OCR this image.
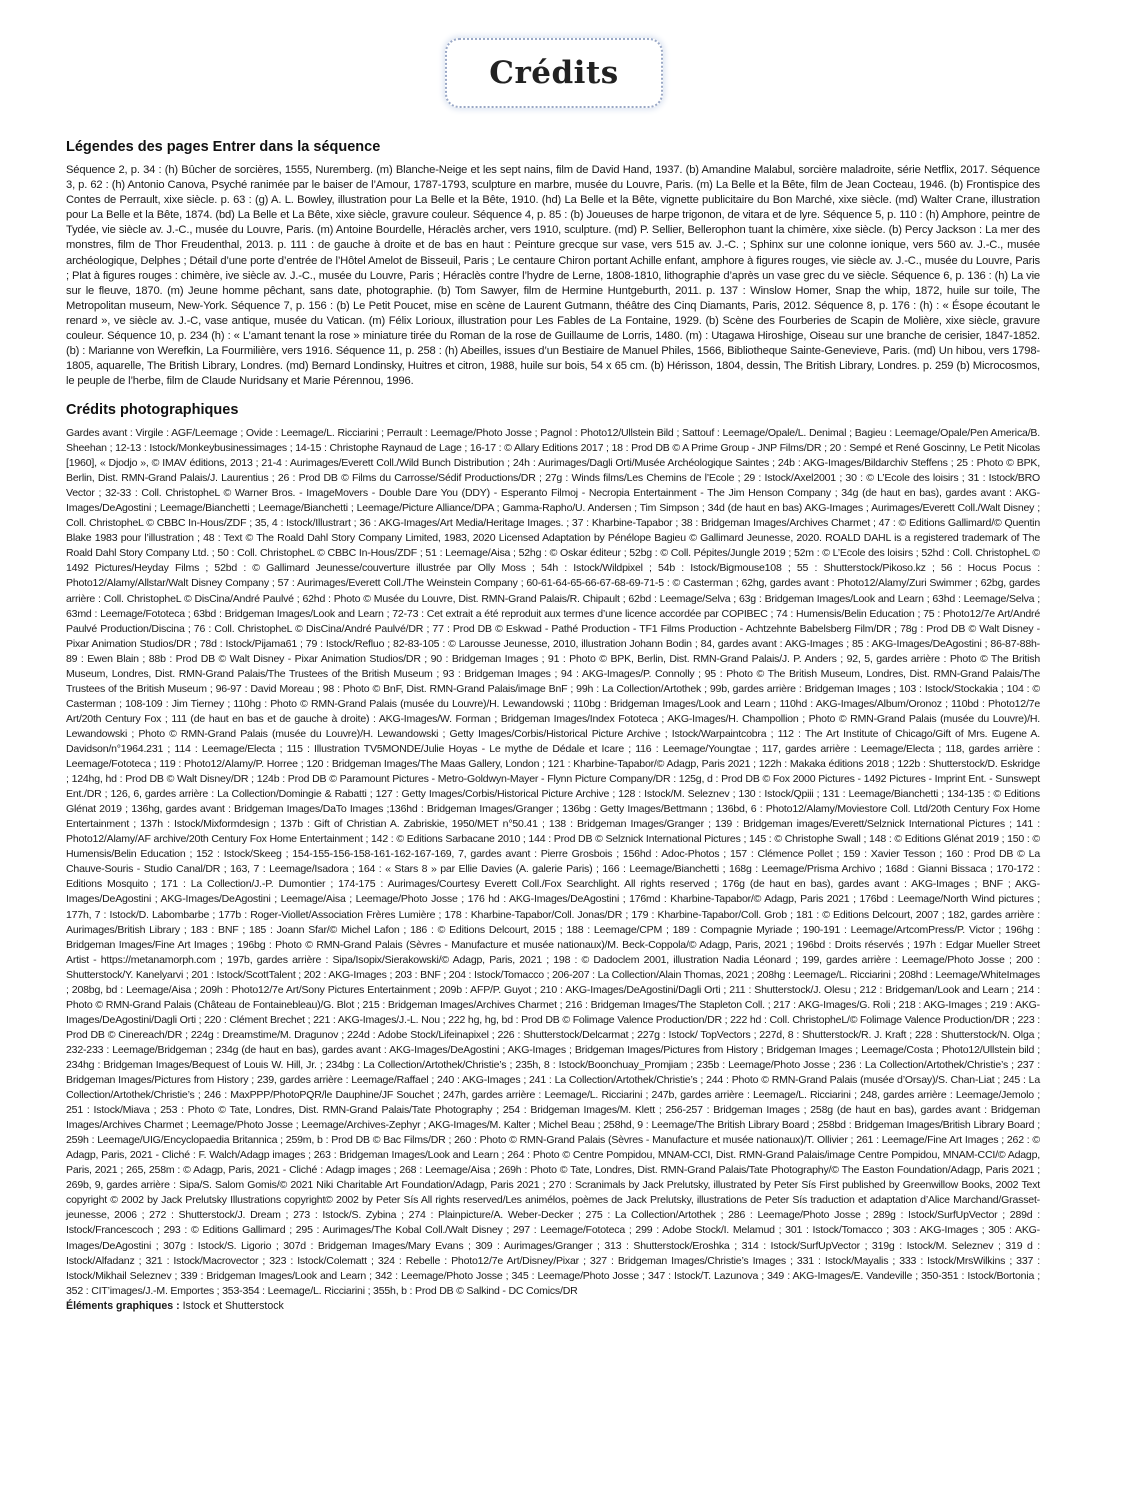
Crédits
Légendes des pages Entrer dans la séquence

Séquence 2, p. 34 : (h) Bûcher de sorcières, 1555, Nuremberg. (m) Blanche-Neige et les sept nains, film de David Hand, 1937. (b) Amandine Malabul, sorcière maladroite, série Netflix, 2017. Séquence 3, p. 62 : (h) Antonio Canova, Psyché ranimée par le baiser de l’Amour, 1787-1793, sculpture en marbre, musée du Louvre, Paris. (m) La Belle et la Bête, film de Jean Cocteau, 1946. (b) Frontispice des Contes de Perrault, xixe siècle. p. 63 : (g) A. L. Bowley, illustration pour La Belle et la Bête, 1910. (hd) La Belle et la Bête, vignette publicitaire du Bon Marché, xixe siècle. (md) Walter Crane, illustration pour La Belle et la Bête, 1874. (bd) La Belle et La Bête, xixe siècle, gravure couleur. Séquence 4, p. 85 : (b) Joueuses de harpe trigonon, de vitara et de lyre. Séquence 5, p. 110 : (h) Amphore, peintre de Tydée, vie siècle av. J.-C., musée du Louvre, Paris. (m) Antoine Bourdelle, Héraclès archer, vers 1910, sculpture. (md) P. Sellier, Bellerophon tuant la chimère, xixe siècle. (b) Percy Jackson : La mer des monstres, film de Thor Freudenthal, 2013. p. 111 : de gauche à droite et de bas en haut : Peinture grecque sur vase, vers 515 av. J.-C. ; Sphinx sur une colonne ionique, vers 560 av. J.-C., musée archéologique, Delphes ; Détail d’une porte d’entrée de l’Hôtel Amelot de Bisseuil, Paris ; Le centaure Chiron portant Achille enfant, amphore à figures rouges, vie siècle av. J.-C., musée du Louvre, Paris ; Plat à figures rouges : chimère, ive siècle av. J.-C., musée du Louvre, Paris ; Héraclès contre l’hydre de Lerne, 1808-1810, lithographie d’après un vase grec du ve siècle. Séquence 6, p. 136 : (h) La vie sur le fleuve, 1870. (m) Jeune homme pêchant, sans date, photographie. (b) Tom Sawyer, film de Hermine Huntgeburth, 2011. p. 137 : Winslow Homer, Snap the whip, 1872, huile sur toile, The Metropolitan museum, New-York. Séquence 7, p. 156 : (b) Le Petit Poucet, mise en scène de Laurent Gutmann, théâtre des Cinq Diamants, Paris, 2012. Séquence 8, p. 176 : (h) : « Ésope écoutant le renard », ve siècle av. J.-C, vase antique, musée du Vatican. (m) Félix Lorioux, illustration pour Les Fables de La Fontaine, 1929. (b) Scène des Fourberies de Scapin de Molière, xixe siècle, gravure couleur. Séquence 10, p. 234 (h) : « L’amant tenant la rose » miniature tirée du Roman de la rose de Guillaume de Lorris, 1480. (m) : Utagawa Hiroshige, Oiseau sur une branche de cerisier, 1847-1852. (b) : Marianne von Werefkin, La Fourmilière, vers 1916. Séquence 11, p. 258 : (h) Abeilles, issues d’un Bestiaire de Manuel Philes, 1566, Bibliotheque Sainte-Genevieve, Paris. (md) Un hibou, vers 1798-1805, aquarelle, The British Library, Londres. (md) Bernard Londinsky, Huitres et citron, 1988, huile sur bois, 54 x 65 cm. (b) Hérisson, 1804, dessin, The British Library, Londres. p. 259 (b) Microcosmos, le peuple de l’herbe, film de Claude Nuridsany et Marie Pérennou, 1996.

Crédits photographiques

Gardes avant : Virgile : AGF/Leemage ; Ovide : Leemage/L. Ricciarini ; Perrault : Leemage/Photo Josse ; Pagnol : Photo12/Ullstein Bild ; Sattouf : Leemage/Opale/L. Denimal ; Bagieu : Leemage/Opale/Pen America/B. Sheehan ; 12-13 : Istock/Monkeybusinessimages ; 14-15 : Christophe Raynaud de Lage ; 16-17 : © Allary Editions 2017 ; 18 : Prod DB © A Prime Group - JNP Films/DR ; 20 : Sempé et René Goscinny, Le Petit Nicolas [1960], « Djodjo », © IMAV éditions, 2013 ; 21-4 : Aurimages/Everett Coll./Wild Bunch Distribution ; 24h : Aurimages/Dagli Orti/Musée Archéologique Saintes ; 24b : AKG-Images/Bildarchiv Steffens ; 25 : Photo © BPK, Berlin, Dist. RMN-Grand Palais/J. Laurentius ; 26 : Prod DB © Films du Carrosse/Sédif Productions/DR ; 27g : Winds films/Les Chemins de l’Ecole ; 29 : Istock/Axel2001 ; 30 : © L’Ecole des loisirs ; 31 : Istock/BRO Vector ; 32-33 : Coll. ChristopheL © Warner Bros. - ImageMovers - Double Dare You (DDY) - Esperanto Filmoj - Necropia Entertainment - The Jim Henson Company ; 34g (de haut en bas), gardes avant : AKG-Images/DeAgostini ; Leemage/Bianchetti ; Leemage/Bianchetti ; Leemage/Picture Alliance/DPA ; Gamma-Rapho/U. Andersen ; Tim Simpson ; 34d (de haut en bas) AKG-Images ; Aurimages/Everett Coll./Walt Disney ; Coll. ChristopheL © CBBC In-Hous/ZDF ; 35, 4 : Istock/Illustrart ; 36 : AKG-Images/Art Media/Heritage Images. ; 37 : Kharbine-Tapabor ; 38 : Bridgeman Images/Archives Charmet ; 47 : © Editions Gallimard/© Quentin Blake 1983 pour l’illustration ; 48 : Text © The Roald Dahl Story Company Limited, 1983, 2020 Licensed Adaptation by Pénélope Bagieu © Gallimard Jeunesse, 2020. ROALD DAHL is a registered trademark of The Roald Dahl Story Company Ltd. ; 50 : Coll. ChristopheL © CBBC In-Hous/ZDF ; 51 : Leemage/Aisa ; 52hg : © Oskar éditeur ; 52bg : © Coll. Pépites/Jungle 2019 ; 52m : © L’Ecole des loisirs ; 52hd : Coll. ChristopheL © 1492 Pictures/Heyday Films ; 52bd : © Gallimard Jeunesse/couverture illustrée par Olly Moss ; 54h : Istock/Wildpixel ; 54b : Istock/Bigmouse108 ; 55 : Shutterstock/Pikoso.kz ; 56 : Hocus Pocus : Photo12/Alamy/Allstar/Walt Disney Company ; 57 : Aurimages/Everett Coll./The Weinstein Company ; 60-61-64-65-66-67-68-69-71-5 : © Casterman ; 62hg, gardes avant : Photo12/Alamy/Zuri Swimmer ; 62bg, gardes arrière : Coll. ChristopheL © DisCina/André Paulvé ; 62hd : Photo © Musée du Louvre, Dist. RMN-Grand Palais/R. Chipault ; 62bd : Leemage/Selva ; 63g : Bridgeman Images/Look and Learn ; 63hd : Leemage/Selva ; 63md : Leemage/Fototeca ; 63bd : Bridgeman Images/Look and Learn ; 72-73 : Cet extrait a été reproduit aux termes d’une licence accordée par COPIBEC ; 74 : Humensis/Belin Education ; 75 : Photo12/7e Art/André Paulvé Production/Discina ; 76 : Coll. ChristopheL © DisCina/André Paulvé/DR ; 77 : Prod DB © Eskwad - Pathé Production - TF1 Films Production - Achtzehnte Babelsberg Film/DR ; 78g : Prod DB © Walt Disney - Pixar Animation Studios/DR ; 78d : Istock/Pijama61 ; 79 : Istock/Refluo ; 82-83-105 : © Larousse Jeunesse, 2010, illustration Johann Bodin ; 84, gardes avant : AKG-Images ; 85 : AKG-Images/DeAgostini ; 86-87-88h-89 : Ewen Blain ; 88b : Prod DB © Walt Disney - Pixar Animation Studios/DR ; 90 : Bridgeman Images ; 91 : Photo © BPK, Berlin, Dist. RMN-Grand Palais/J. P. Anders ; 92, 5, gardes arrière : Photo © The British Museum, Londres, Dist. RMN-Grand Palais/The Trustees of the British Museum ; 93 : Bridgeman Images ; 94 : AKG-Images/P. Connolly ; 95 : Photo © The British Museum, Londres, Dist. RMN-Grand Palais/The Trustees of the British Museum ; 96-97 : David Moreau ; 98 : Photo © BnF, Dist. RMN-Grand Palais/image BnF ; 99h : La Collection/Artothek ; 99b, gardes arrière : Bridgeman Images ; 103 : Istock/Stockakia ; 104 : © Casterman ; 108-109 : Jim Tierney ; 110hg : Photo © RMN-Grand Palais (musée du Louvre)/H. Lewandowski ; 110bg : Bridgeman Images/Look and Learn ; 110hd : AKG-Images/Album/Oronoz ; 110bd : Photo12/7e Art/20th Century Fox ; 111 (de haut en bas et de gauche à droite) : AKG-Images/W. Forman ; Bridgeman Images/Index Fototeca ; AKG-Images/H. Champollion ; Photo © RMN-Grand Palais (musée du Louvre)/H. Lewandowski ; Photo © RMN-Grand Palais (musée du Louvre)/H. Lewandowski ; Getty Images/Corbis/Historical Picture Archive ; Istock/Warpaintcobra ; 112 : The Art Institute of Chicago/Gift of Mrs. Eugene A. Davidson/n°1964.231 ; 114 : Leemage/Electa ; 115 : Illustration TV5MONDE/Julie Hoyas - Le mythe de Dédale et Icare ; 116 : Leemage/Youngtae ; 117, gardes arrière : Leemage/Electa ; 118, gardes arrière : Leemage/Fototeca ; 119 : Photo12/Alamy/P. Horree ; 120 : Bridgeman Images/The Maas Gallery, London ; 121 : Kharbine-Tapabor/© Adagp, Paris 2021 ; 122h : Makaka éditions 2018 ; 122b : Shutterstock/D. Eskridge ; 124hg, hd : Prod DB © Walt Disney/DR ; 124b : Prod DB © Paramount Pictures - Metro-Goldwyn-Mayer - Flynn Picture Company/DR : 125g, d : Prod DB © Fox 2000 Pictures - 1492 Pictures - Imprint Ent. - Sunswept Ent./DR ; 126, 6, gardes arrière : La Collection/Domingie & Rabatti ; 127 : Getty Images/Corbis/Historical Picture Archive ; 128 : Istock/M. Seleznev ; 130 : Istock/Qpiii ; 131 : Leemage/Bianchetti ; 134-135 : © Editions Glénat 2019 ; 136hg, gardes avant : Bridgeman Images/DaTo Images ;136hd : Bridgeman Images/Granger ; 136bg : Getty Images/Bettmann ; 136bd, 6 : Photo12/Alamy/Moviestore Coll. Ltd/20th Century Fox Home Entertainment ; 137h : Istock/Mixformdesign ; 137b : Gift of Christian A. Zabriskie, 1950/MET n°50.41 ; 138 : Bridgeman Images/Granger ; 139 : Bridgeman images/Everett/Selznick International Pictures ; 141 : Photo12/Alamy/AF archive/20th Century Fox Home Entertainment ; 142 : © Editions Sarbacane 2010 ; 144 : Prod DB © Selznick International Pictures ; 145 : © Christophe Swall ; 148 : © Editions Glénat 2019 ; 150 : © Humensis/Belin Education ; 152 : Istock/Skeeg ; 154-155-156-158-161-162-167-169, 7, gardes avant : Pierre Grosbois ; 156hd : Adoc-Photos ; 157 : Clémence Pollet ; 159 : Xavier Tesson ; 160 : Prod DB © La Chauve-Souris - Studio Canal/DR ; 163, 7 : Leemage/Isadora ; 164 : « Stars 8 » par Ellie Davies (A. galerie Paris) ; 166 : Leemage/Bianchetti ; 168g : Leemage/Prisma Archivo ; 168d : Gianni Bissaca ; 170-172 : Editions Mosquito ; 171 : La Collection/J.-P. Dumontier ; 174-175 : Aurimages/Courtesy Everett Coll./Fox Searchlight. All rights reserved ; 176g (de haut en bas), gardes avant : AKG-Images ; BNF ; AKG-Images/DeAgostini ; AKG-Images/DeAgostini ; Leemage/Aisa ; Leemage/Photo Josse ; 176 hd : AKG-Images/DeAgostini ; 176md : Kharbine-Tapabor/© Adagp, Paris 2021 ; 176bd : Leemage/North Wind pictures ; 177h, 7 : Istock/D. Labombarbe ; 177b : Roger-Viollet/Association Frères Lumière ; 178 : Kharbine-Tapabor/Coll. Jonas/DR ; 179 : Kharbine-Tapabor/Coll. Grob ; 181 : © Editions Delcourt, 2007 ; 182, gardes arrière : Aurimages/British Library ; 183 : BNF ; 185 : Joann Sfar/© Michel Lafon ; 186 : © Editions Delcourt, 2015 ; 188 : Leemage/CPM ; 189 : Compagnie Myriade ; 190-191 : Leemage/ArtcomPress/P. Victor ; 196hg : Bridgeman Images/Fine Art Images ; 196bg : Photo © RMN-Grand Palais (Sèvres - Manufacture et musée nationaux)/M. Beck-Coppola/© Adagp, Paris, 2021 ; 196bd : Droits réservés ; 197h : Edgar Mueller Street Artist - https://metanamorph.com ; 197b, gardes arrière : Sipa/Isopix/Sierakowski/© Adagp, Paris, 2021 ; 198 : © Dadoclem 2001, illustration Nadia Léonard ; 199, gardes arrière : Leemage/Photo Josse ; 200 : Shutterstock/Y. Kanelyarvi ; 201 : Istock/ScottTalent ; 202 : AKG-Images ; 203 : BNF ; 204 : Istock/Tomacco ; 206-207 : La Collection/Alain Thomas, 2021 ; 208hg : Leemage/L. Ricciarini ; 208hd : Leemage/WhiteImages ; 208bg, bd : Leemage/Aisa ; 209h : Photo12/7e Art/Sony Pictures Entertainment ; 209b : AFP/P. Guyot ; 210 : AKG-Images/DeAgostini/Dagli Orti ; 211 : Shutterstock/J. Olesu ; 212 : Bridgeman/Look and Learn ; 214 : Photo © RMN-Grand Palais (Château de Fontainebleau)/G. Blot ; 215 : Bridgeman Images/Archives Charmet ; 216 : Bridgeman Images/The Stapleton Coll. ; 217 : AKG-Images/G. Roli ; 218 : AKG-Images ; 219 : AKG-Images/DeAgostini/Dagli Orti ; 220 : Clément Brechet ; 221 : AKG-Images/J.-L. Nou ; 222 hg, hg, bd : Prod DB © Folimage Valence Production/DR ; 222 hd : Coll. ChristopheL/© Folimage Valence Production/DR ; 223 : Prod DB © Cinereach/DR ; 224g : Dreamstime/M. Dragunov ; 224d : Adobe Stock/Lifeinapixel ; 226 : Shutterstock/Delcarmat ; 227g : Istock/ TopVectors ; 227d, 8 : Shutterstock/R. J. Kraft ; 228 : Shutterstock/N. Olga ; 232-233 : Leemage/Bridgeman ; 234g (de haut en bas), gardes avant : AKG-Images/DeAgostini ; AKG-Images ; Bridgeman Images/Pictures from History ; Bridgeman Images ; Leemage/Costa ; Photo12/Ullstein bild ; 234hg : Bridgeman Images/Bequest of Louis W. Hill, Jr. ; 234bg : La Collection/Artothek/Christie’s ; 235h, 8 : Istock/Boonchuay_Promjiam ; 235b : Leemage/Photo Josse ; 236 : La Collection/Artothek/Christie’s ; 237 : Bridgeman Images/Pictures from History ; 239, gardes arrière : Leemage/Raffael ; 240 : AKG-Images ; 241 : La Collection/Artothek/Christie’s ; 244 : Photo © RMN-Grand Palais (musée d’Orsay)/S. Chan-Liat ; 245 : La Collection/Artothek/Christie’s ; 246 : MaxPPP/PhotoPQR/le Dauphine/JF Souchet ; 247h, gardes arrière : Leemage/L. Ricciarini ; 247b, gardes arrière : Leemage/L. Ricciarini ; 248, gardes arrière : Leemage/Jemolo ; 251 : Istock/Miava ; 253 : Photo © Tate, Londres, Dist. RMN-Grand Palais/Tate Photography ; 254 : Bridgeman Images/M. Klett ; 256-257 : Bridgeman Images ; 258g (de haut en bas), gardes avant : Bridgeman Images/Archives Charmet ; Leemage/Photo Josse ; Leemage/Archives-Zephyr ; AKG-Images/M. Kalter ; Michel Beau ; 258hd, 9 : Leemage/The British Library Board ; 258bd : Bridgeman Images/British Library Board ; 259h : Leemage/UIG/Encyclopaedia Britannica ; 259m, b : Prod DB © Bac Films/DR ; 260 : Photo © RMN-Grand Palais (Sèvres - Manufacture et musée nationaux)/T. Ollivier ; 261 : Leemage/Fine Art Images ; 262 : © Adagp, Paris, 2021 - Cliché : F. Walch/Adagp images ; 263 : Bridgeman Images/Look and Learn ; 264 : Photo © Centre Pompidou, MNAM-CCI, Dist. RMN-Grand Palais/image Centre Pompidou, MNAM-CCI/© Adagp, Paris, 2021 ; 265, 258m : © Adagp, Paris, 2021 - Cliché : Adagp images ; 268 : Leemage/Aisa ; 269h : Photo © Tate, Londres, Dist. RMN-Grand Palais/Tate Photography/© The Easton Foundation/Adagp, Paris 2021 ; 269b, 9, gardes arrière : Sipa/S. Salom Gomis/© 2021 Niki Charitable Art Foundation/Adagp, Paris 2021 ; 270 : Scranimals by Jack Prelutsky, illustrated by Peter Sís First published by Greenwillow Books, 2002 Text copyright © 2002 by Jack Prelutsky Illustrations copyright© 2002 by Peter Sís All rights reserved/Les animélos, poèmes de Jack Prelutsky, illustrations de Peter Sís traduction et adaptation d’Alice Marchand/Grasset-jeunesse, 2006 ; 272 : Shutterstock/J. Dream ; 273 : Istock/S. Zybina ; 274 : Plainpicture/A. Weber-Decker ; 275 : La Collection/Artothek ; 286 : Leemage/Photo Josse ; 289g : Istock/SurfUpVector ; 289d : Istock/Francescoch ; 293 : © Editions Gallimard ; 295 : Aurimages/The Kobal Coll./Walt Disney ; 297 : Leemage/Fototeca ; 299 : Adobe Stock/I. Melamud ; 301 : Istock/Tomacco ; 303 : AKG-Images ; 305 : AKG-Images/DeAgostini ; 307g : Istock/S. Ligorio ; 307d : Bridgeman Images/Mary Evans ; 309 : Aurimages/Granger ; 313 : Shutterstock/Eroshka ; 314 : Istock/SurfUpVector ; 319g : Istock/M. Seleznev ; 319 d : Istock/Alfadanz ; 321 : Istock/Macrovector ; 323 : Istock/Colematt ; 324 : Rebelle : Photo12/7e Art/Disney/Pixar ; 327 : Bridgeman Images/Christie’s Images ; 331 : Istock/Mayalis ; 333 : Istock/MrsWilkins ; 337 : Istock/Mikhail Seleznev ; 339 : Bridgeman Images/Look and Learn ; 342 : Leemage/Photo Josse ; 345 : Leemage/Photo Josse ; 347 : Istock/T. Lazunova ; 349 : AKG-Images/E. Vandeville ; 350-351 : Istock/Bortonia ; 352 : CIT’images/J.-M. Emportes ; 353-354 : Leemage/L. Ricciarini ; 355h, b : Prod DB © Salkind - DC Comics/DR

Éléments graphiques : Istock et Shutterstock
